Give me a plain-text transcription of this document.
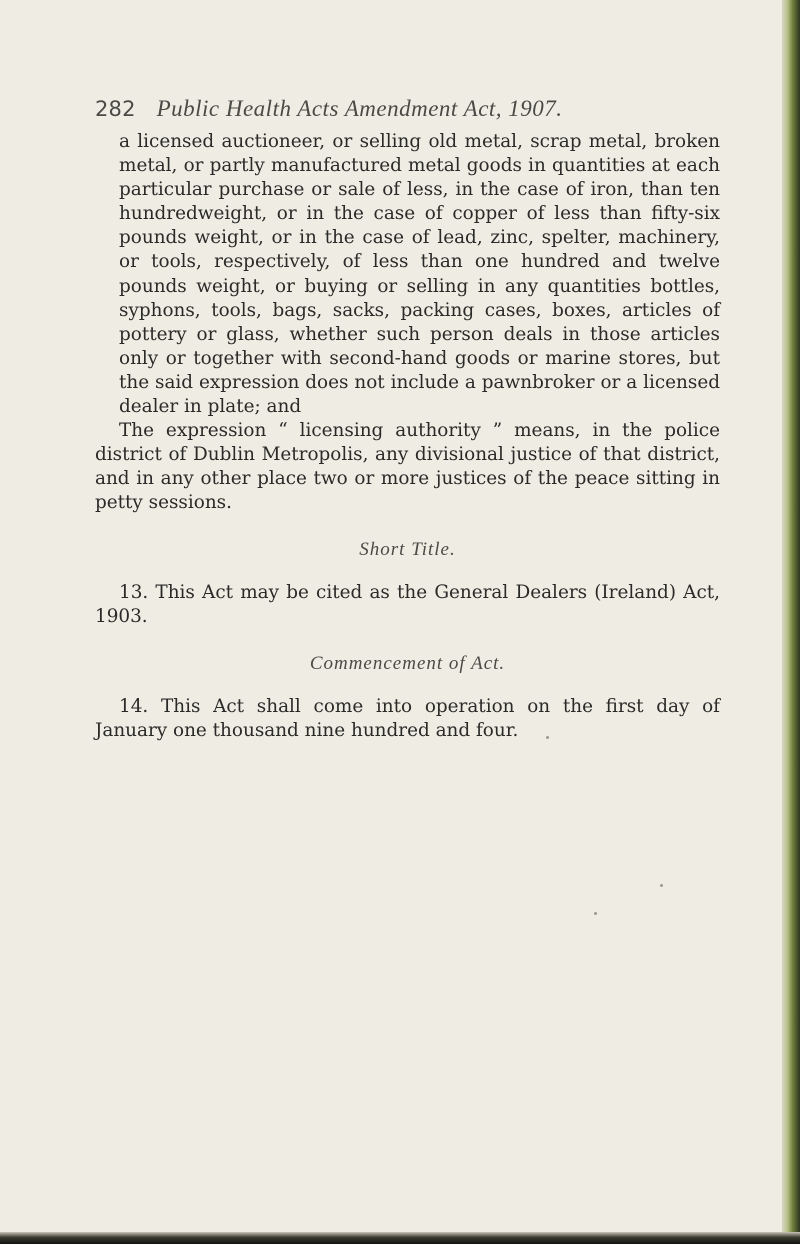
282 Public Health Acts Amendment Act, 1907.

a licensed auctioneer, or selling old metal, scrap metal, broken metal, or partly manufactured metal goods in quantities at each particular purchase or sale of less, in the case of iron, than ten hundredweight, or in the case of copper of less than fifty-six pounds weight, or in the case of lead, zinc, spelter, machinery, or tools, respectively, of less than one hundred and twelve pounds weight, or buying or selling in any quantities bottles, syphons, tools, bags, sacks, packing cases, boxes, articles of pottery or glass, whether such person deals in those articles only or together with second-hand goods or marine stores, but the said expression does not include a pawnbroker or a licensed dealer in plate; and

The expression “ licensing authority ” means, in the police district of Dublin Metropolis, any divisional justice of that district, and in any other place two or more justices of the peace sitting in petty sessions.

Short Title.

13. This Act may be cited as the General Dealers (Ireland) Act, 1903.

Commencement of Act.

14. This Act shall come into operation on the first day of January one thousand nine hundred and four.
